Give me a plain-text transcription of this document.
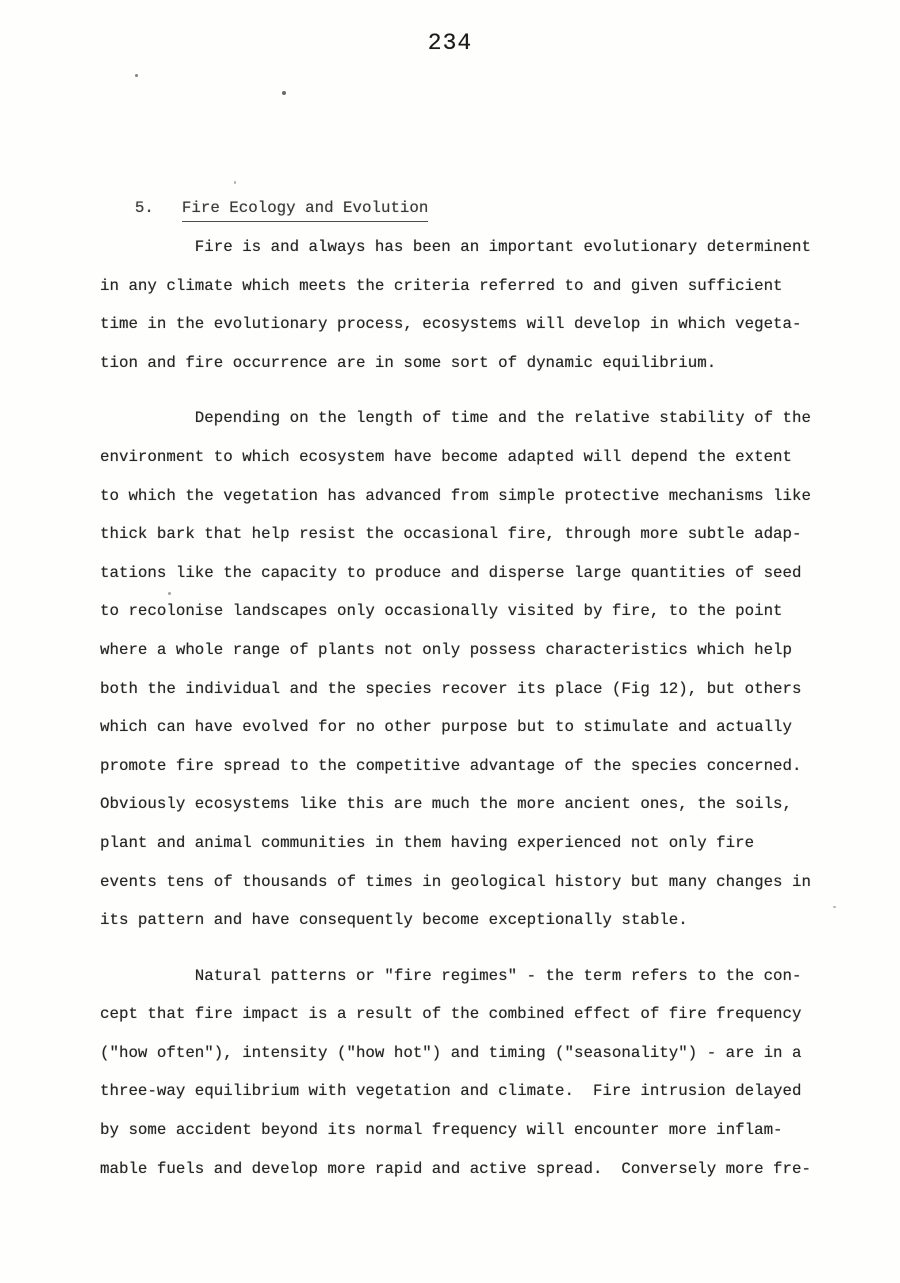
234

5. Fire Ecology and Evolution

Fire is and always has been an important evolutionary determinent
in any climate which meets the criteria referred to and given sufficient
time in the evolutionary process, ecosystems will develop in which vegeta-
tion and fire occurrence are in some sort of dynamic equilibrium.
Depending on the length of time and the relative stability of the
environment to which ecosystem have become adapted will depend the extent
to which the vegetation has advanced from simple protective mechanisms like
thick bark that help resist the occasional fire, through more subtle adap-
tations like the capacity to produce and disperse large quantities of seed
to recolonise landscapes only occasionally visited by fire, to the point
where a whole range of plants not only possess characteristics which help
both the individual and the species recover its place (Fig 12), but others
which can have evolved for no other purpose but to stimulate and actually
promote fire spread to the competitive advantage of the species concerned.
Obviously ecosystems like this are much the more ancient ones, the soils,
plant and animal communities in them having experienced not only fire
events tens of thousands of times in geological history but many changes in
its pattern and have consequently become exceptionally stable.
Natural patterns or "fire regimes" - the term refers to the con-
cept that fire impact is a result of the combined effect of fire frequency
("how often"), intensity ("how hot") and timing ("seasonality") - are in a
three-way equilibrium with vegetation and climate.  Fire intrusion delayed
by some accident beyond its normal frequency will encounter more inflam-
mable fuels and develop more rapid and active spread.  Conversely more fre-
